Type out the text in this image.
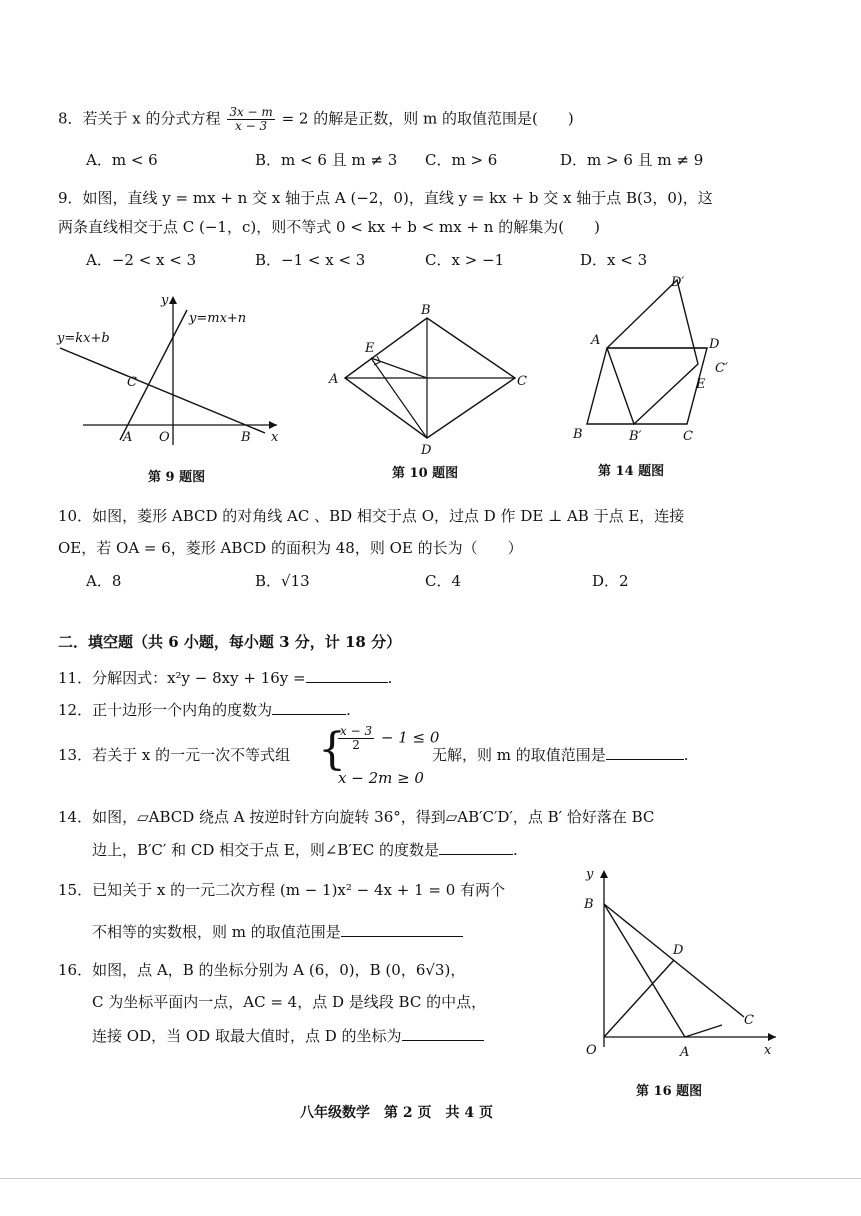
8．若关于 x 的分式方程 $\frac{3x - m}{x - 3} = 2$ 的解是正数，则 m 的取值范围是(　　)
A．m < 6	B．m < 6 且 m ≠ 3 C．m > 6	D．m > 6 且 m ≠ 9
9．如图，直线 y = mx + n 交 x 轴于点 A (−2，0)，直线 y = kx + b 交 x 轴于点 B(3，0)，这
两条直线相交于点 C (−1，c)，则不等式 0 < kx + b < mx + n 的解集为(　　)
A．−2 < x < 3	B．−1 < x < 3	C．x > −1	D．x < 3
y
y=mx+n
y=kx+b
C
A O	B x
第 9 题图
B
A	C
D
E
第 10 题图
D′
A	D
C′
E
B	B′	C
第 14 题图
10．如图，菱形 ABCD 的对角线 AC 、BD 相交于点 O，过点 D 作 DE ⊥ AB 于点 E，连接
OE，若 OA = 6，菱形 ABCD 的面积为 48，则 OE 的长为（　　）
A．8	B．√13	C．4	D．2
二．填空题（共 6 小题，每小题 3 分，计 18 分）
11．分解因式：x²y − 8xy + 16y =	.
12．正十边形一个内角的度数为	.
13．若关于 x 的一元一次不等式组 {
$\frac{x - 3}{2} - 1 \le 0$
x − 2m ≥ 0
无解，则 m 的取值范围是	.
14．如图，▱ABCD 绕点 A 按逆时针方向旋转 36°，得到▱AB′C′D′，点 B′ 恰好落在 BC
边上，B′C′ 和 CD 相交于点 E，则∠B′EC 的度数是	.
15．已知关于 x 的一元二次方程 (m − 1)x² − 4x + 1 = 0 有两个
不相等的实数根，则 m 的取值范围是
16．如图，点 A，B 的坐标分别为 A (6，0)，B (0，6√3)，
C 为坐标平面内一点，AC = 4，点 D 是线段 BC 的中点，
连接 OD，当 OD 取最大值时，点 D 的坐标为
y
B
D
C
O	A	x
第 16 题图
八年级数学　第 2 页　共 4 页
